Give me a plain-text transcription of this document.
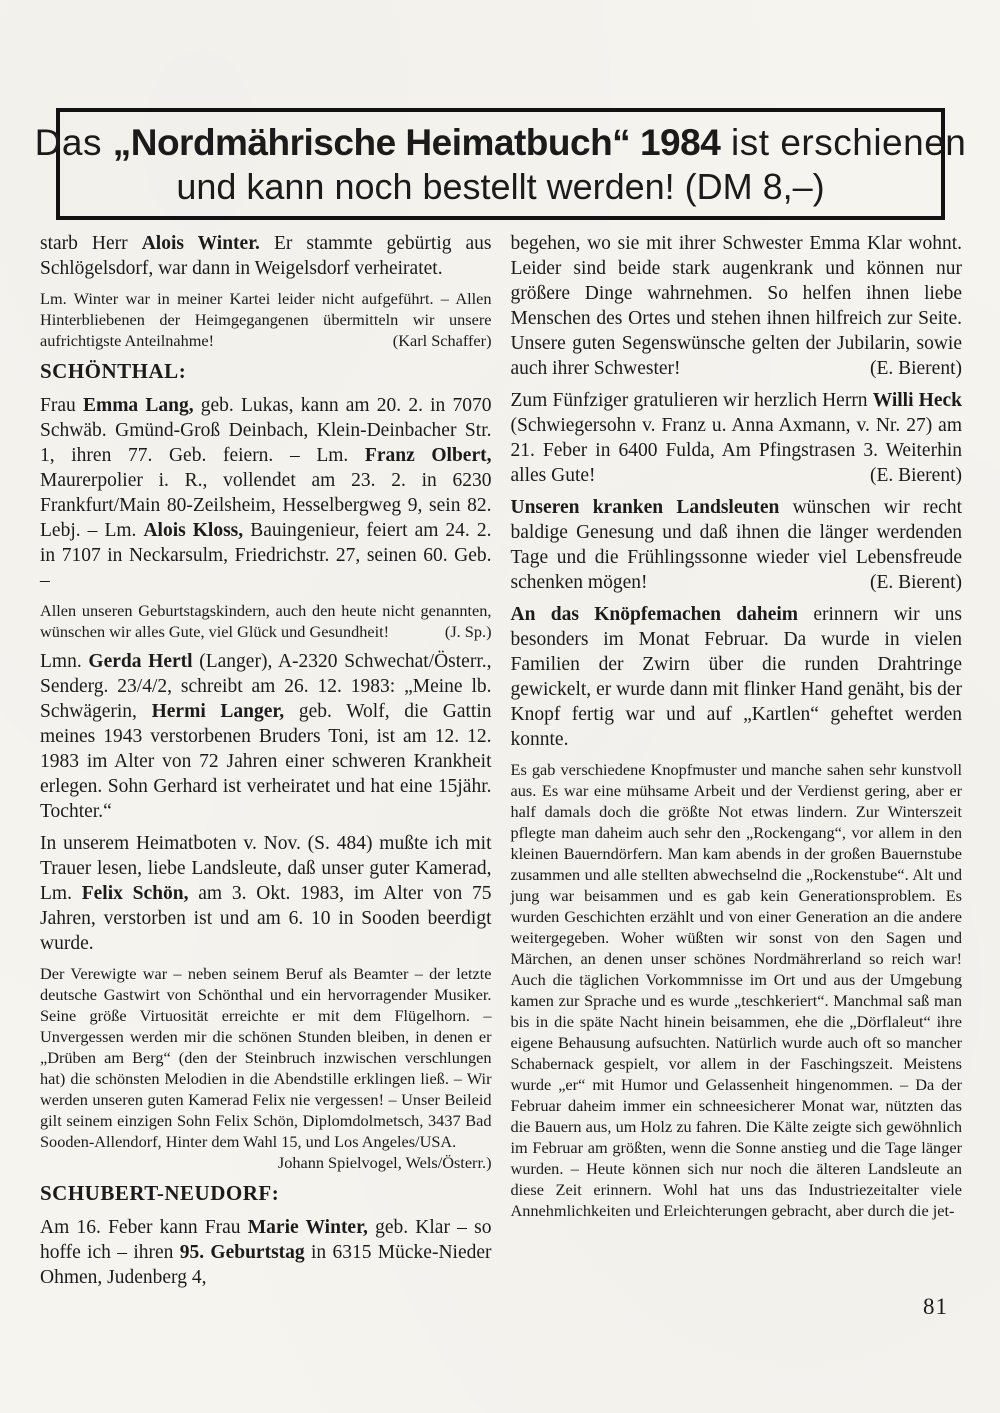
Das „Nordmährische Heimatbuch“ 1984 ist erschienen
und kann noch bestellt werden! (DM 8,–)

starb Herr Alois Winter. Er stammte gebürtig aus Schlögelsdorf, war dann in Weigelsdorf verheiratet.

Lm. Winter war in meiner Kartei leider nicht aufgeführt. – Allen Hinterbliebenen der Heimgegangenen übermitteln wir unsere aufrichtigste Anteilnahme!	(Karl Schaffer)

SCHÖNTHAL:

Frau Emma Lang, geb. Lukas, kann am 20. 2. in 7070 Schwäb. Gmünd-Groß Deinbach, Klein-Deinbacher Str. 1, ihren 77. Geb. feiern. – Lm. Franz Olbert, Maurerpolier i. R., vollendet am 23. 2. in 6230 Frankfurt/Main 80-Zeilsheim, Hesselbergweg 9, sein 82. Lebj. – Lm. Alois Kloss, Bauingenieur, feiert am 24. 2. in 7107 in Neckarsulm, Friedrichstr. 27, seinen 60. Geb. –

Allen unseren Geburtstagskindern, auch den heute nicht genannten, wünschen wir alles Gute, viel Glück und Gesundheit!	(J. Sp.)

Lmn. Gerda Hertl (Langer), A-2320 Schwechat/Österr., Senderg. 23/4/2, schreibt am 26. 12. 1983: „Meine lb. Schwägerin, Hermi Langer, geb. Wolf, die Gattin meines 1943 verstorbenen Bruders Toni, ist am 12. 12. 1983 im Alter von 72 Jahren einer schweren Krankheit erlegen. Sohn Gerhard ist verheiratet und hat eine 15jähr. Tochter.“

In unserem Heimatboten v. Nov. (S. 484) mußte ich mit Trauer lesen, liebe Landsleute, daß unser guter Kamerad, Lm. Felix Schön, am 3. Okt. 1983, im Alter von 75 Jahren, verstorben ist und am 6. 10 in Sooden beerdigt wurde.

Der Verewigte war – neben seinem Beruf als Beamter – der letzte deutsche Gastwirt von Schönthal und ein hervorragender Musiker. Seine größe Virtuosität erreichte er mit dem Flügelhorn. – Unvergessen werden mir die schönen Stunden bleiben, in denen er „Drüben am Berg“ (den der Steinbruch inzwischen verschlungen hat) die schönsten Melodien in die Abendstille erklingen ließ. – Wir werden unseren guten Kamerad Felix nie vergessen! – Unser Beileid gilt seinem einzigen Sohn Felix Schön, Diplomdolmetsch, 3437 Bad Sooden-Allendorf, Hinter dem Wahl 15, und Los Angeles/USA.
Johann Spielvogel, Wels/Österr.)

SCHUBERT-NEUDORF:

Am 16. Feber kann Frau Marie Winter, geb. Klar – so hoffe ich – ihren 95. Geburtstag in 6315 Mücke-Nieder Ohmen, Judenberg 4,

begehen, wo sie mit ihrer Schwester Emma Klar wohnt. Leider sind beide stark augenkrank und können nur größere Dinge wahrnehmen. So helfen ihnen liebe Menschen des Ortes und stehen ihnen hilfreich zur Seite. Unsere guten Segenswünsche gelten der Jubilarin, sowie auch ihrer Schwester!	(E. Bierent)

Zum Fünfziger gratulieren wir herzlich Herrn Willi Heck (Schwiegersohn v. Franz u. Anna Axmann, v. Nr. 27) am 21. Feber in 6400 Fulda, Am Pfingstrasen 3. Weiterhin alles Gute!	(E. Bierent)

Unseren kranken Landsleuten wünschen wir recht baldige Genesung und daß ihnen die länger werdenden Tage und die Frühlingssonne wieder viel Lebensfreude schenken mögen!	(E. Bierent)

An das Knöpfemachen daheim erinnern wir uns besonders im Monat Februar. Da wurde in vielen Familien der Zwirn über die runden Drahtringe gewickelt, er wurde dann mit flinker Hand genäht, bis der Knopf fertig war und auf „Kartlen“ geheftet werden konnte.

Es gab verschiedene Knopfmuster und manche sahen sehr kunstvoll aus. Es war eine mühsame Arbeit und der Verdienst gering, aber er half damals doch die größte Not etwas lindern. Zur Winterszeit pflegte man daheim auch sehr den „Rockengang“, vor allem in den kleinen Bauerndörfern. Man kam abends in der großen Bauernstube zusammen und alle stellten abwechselnd die „Rockenstube“. Alt und jung war beisammen und es gab kein Generationsproblem. Es wurden Geschichten erzählt und von einer Generation an die andere weitergegeben. Woher wüßten wir sonst von den Sagen und Märchen, an denen unser schönes Nordmährerland so reich war! Auch die täglichen Vorkommnisse im Ort und aus der Umgebung kamen zur Sprache und es wurde „teschkeriert“. Manchmal saß man bis in die späte Nacht hinein beisammen, ehe die „Dörflaleut“ ihre eigene Behausung aufsuchten. Natürlich wurde auch oft so mancher Schabernack gespielt, vor allem in der Faschingszeit. Meistens wurde „er“ mit Humor und Gelassenheit hingenommen. – Da der Februar daheim immer ein schneesicherer Monat war, nützten das die Bauern aus, um Holz zu fahren. Die Kälte zeigte sich gewöhnlich im Februar am größten, wenn die Sonne anstieg und die Tage länger wurden. – Heute können sich nur noch die älteren Landsleute an diese Zeit erinnern. Wohl hat uns das Industriezeitalter viele Annehmlichkeiten und Erleichterungen gebracht, aber durch die jet-

81
